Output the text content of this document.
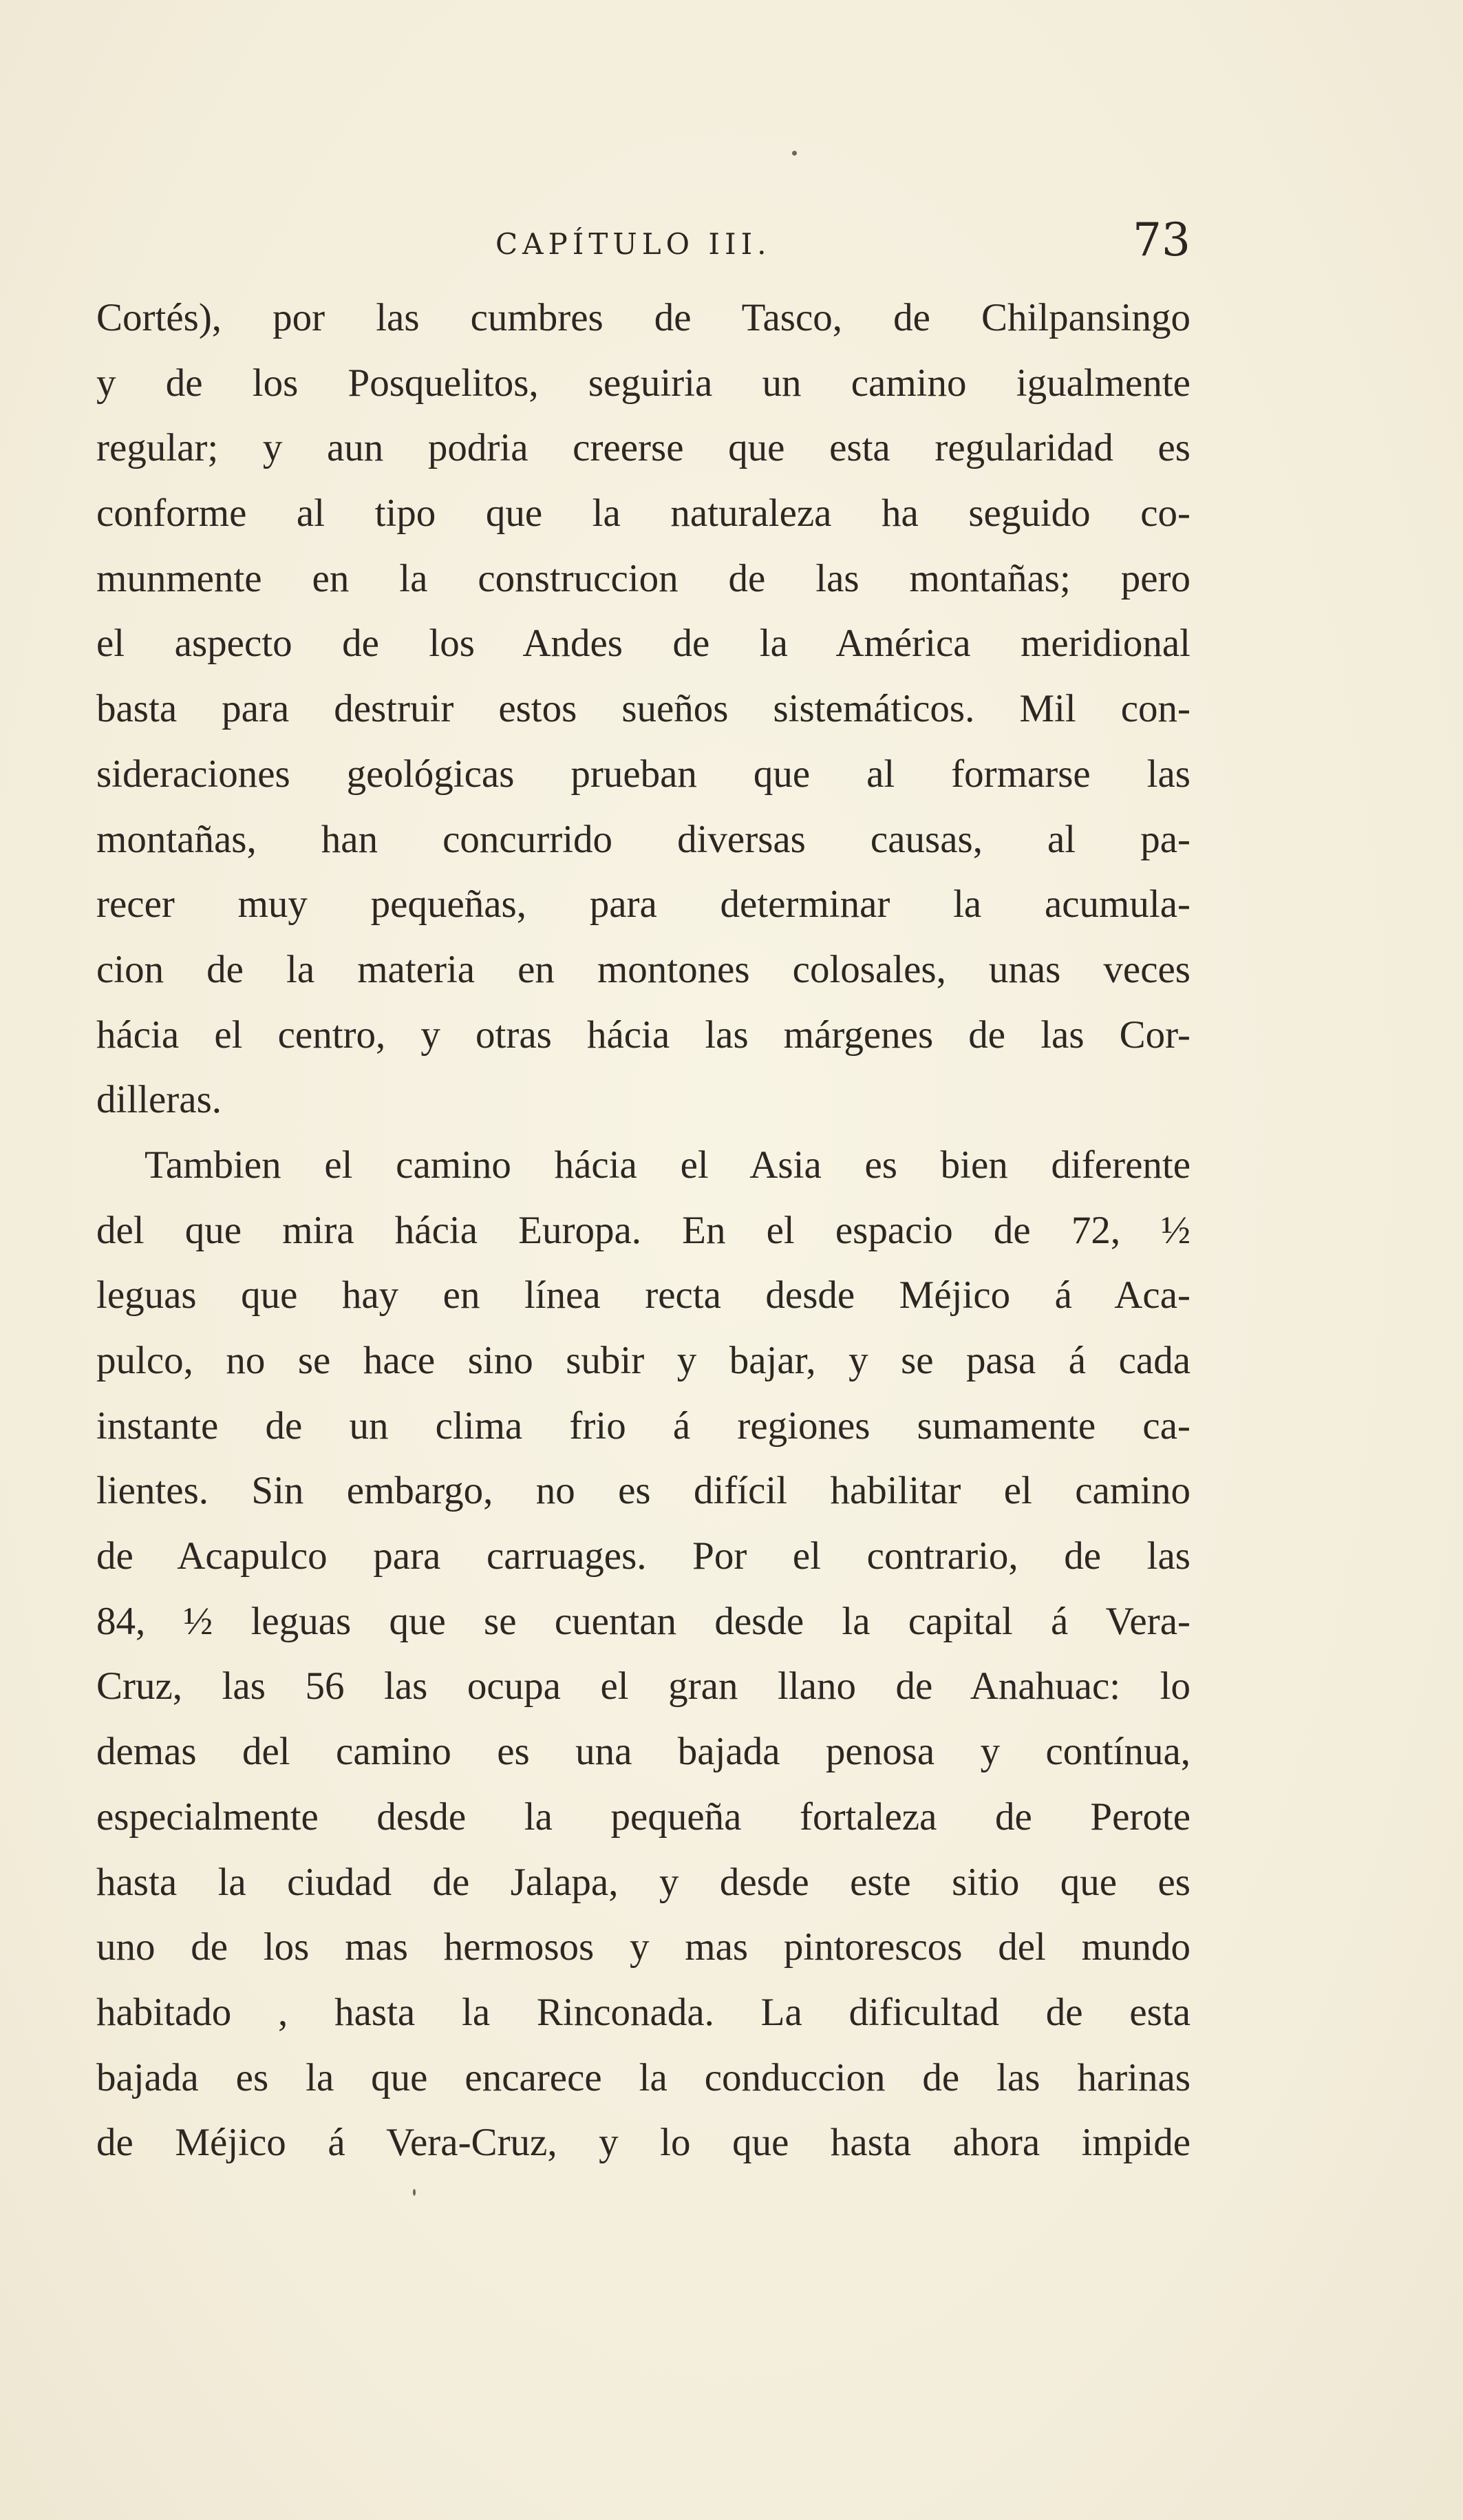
CAPÍTULO III.	73
Cortés), por las cumbres de Tasco, de Chilpansingo
y de los Posquelitos, seguiria un camino igualmente
regular; y aun podria creerse que esta regularidad es
conforme al tipo que la naturaleza ha seguido co-
munmente en la construccion de las montañas; pero
el aspecto de los Andes de la América meridional
basta para destruir estos sueños sistemáticos. Mil con-
sideraciones geológicas prueban que al formarse las
montañas, han concurrido diversas causas, al pa-
recer muy pequeñas, para determinar la acumula-
cion de la materia en montones colosales, unas veces
hácia el centro, y otras hácia las márgenes de las Cor-
dilleras.
Tambien el camino hácia el Asia es bien diferente
del que mira hácia Europa. En el espacio de 72, ½
leguas que hay en línea recta desde Méjico á Aca-
pulco, no se hace sino subir y bajar, y se pasa á cada
instante de un clima frio á regiones sumamente ca-
lientes. Sin embargo, no es difícil habilitar el camino
de Acapulco para carruages. Por el contrario, de las
84, ½ leguas que se cuentan desde la capital á Vera-
Cruz, las 56 las ocupa el gran llano de Anahuac: lo
demas del camino es una bajada penosa y contínua,
especialmente desde la pequeña fortaleza de Perote
hasta la ciudad de Jalapa, y desde este sitio que es
uno de los mas hermosos y mas pintorescos del mundo
habitado , hasta la Rinconada. La dificultad de esta
bajada es la que encarece la conduccion de las harinas
de Méjico á Vera-Cruz, y lo que hasta ahora impide
